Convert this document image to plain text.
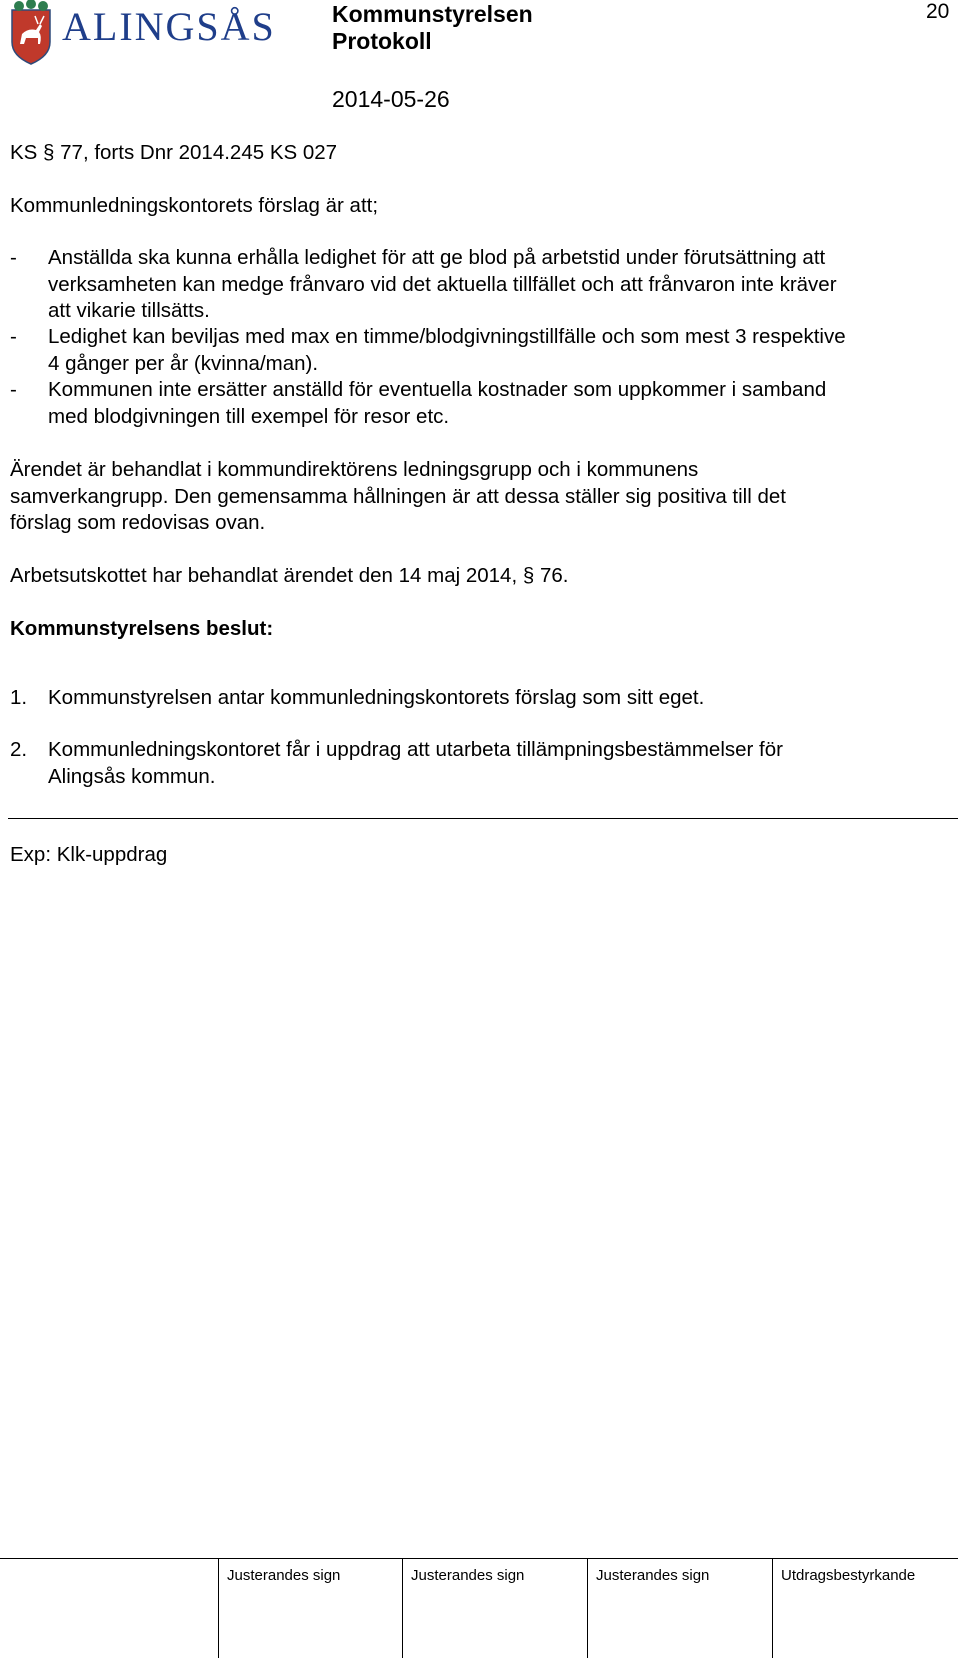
ALINGSÅS Kommunstyrelsen
Protokoll
2014-05-26
20
KS § 77, forts Dnr 2014.245 KS 027
Kommunledningskontorets förslag är att;
- Anställda ska kunna erhålla ledighet för att ge blod på arbetstid under förutsättning att
verksamheten kan medge frånvaro vid det aktuella tillfället och att frånvaron inte kräver
att vikarie tillsätts.
- Ledighet kan beviljas med max en timme/blodgivningstillfälle och som mest 3 respektive
4 gånger per år (kvinna/man).
- Kommunen inte ersätter anställd för eventuella kostnader som uppkommer i samband
med blodgivningen till exempel för resor etc.
Ärendet är behandlat i kommundirektörens ledningsgrupp och i kommunens
samverkangrupp. Den gemensamma hållningen är att dessa ställer sig positiva till det
förslag som redovisas ovan.
Arbetsutskottet har behandlat ärendet den 14 maj 2014, § 76.
Kommunstyrelsens beslut:
1. Kommunstyrelsen antar kommunledningskontorets förslag som sitt eget.
2. Kommunledningskontoret får i uppdrag att utarbeta tillämpningsbestämmelser för
Alingsås kommun.
Exp: Klk-uppdrag
Justerandes sign	Justerandes sign	Justerandes sign	Utdragsbestyrkande
